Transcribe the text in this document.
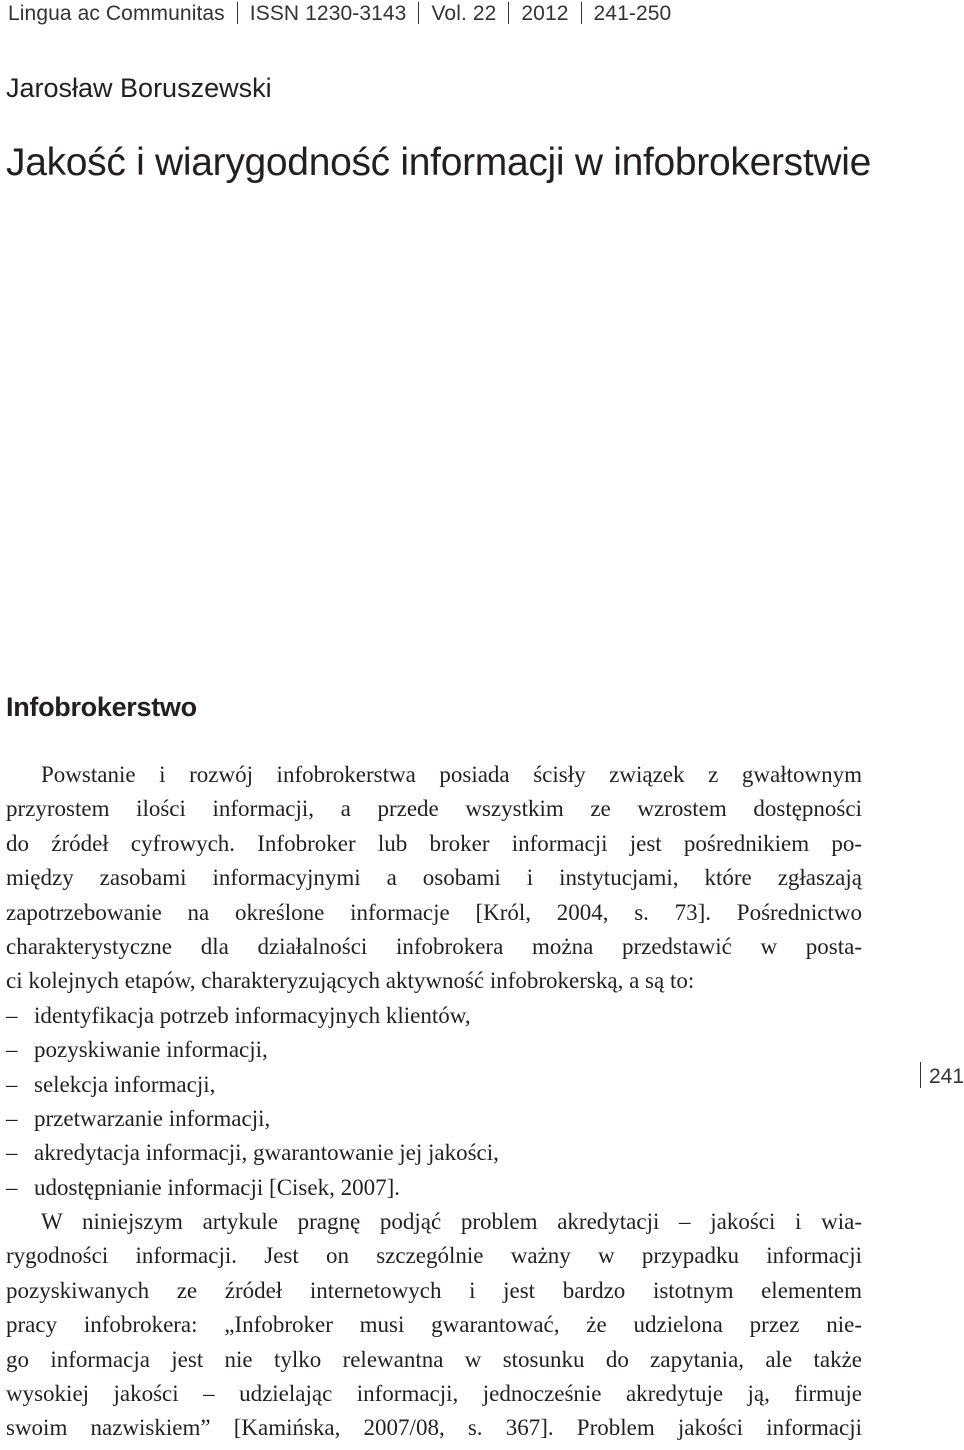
Lingua ac Communitas ISSN 1230-3143 Vol. 22 2012 241-250
Jarosław Boruszewski
Jakość i wiarygodność informacji w infobrokerstwie
Infobrokerstwo
Powstanie i rozwój infobrokerstwa posiada ścisły związek z gwałtownym
przyrostem ilości informacji, a przede wszystkim ze wzrostem dostępności
do źródeł cyfrowych. Infobroker lub broker informacji jest pośrednikiem po-
między zasobami informacyjnymi a osobami i instytucjami, które zgłaszają
zapotrzebowanie na określone informacje [Król, 2004, s. 73]. Pośrednictwo
charakterystyczne dla działalności infobrokera można przedstawić w posta-
ci kolejnych etapów, charakteryzujących aktywność infobrokerską, a są to:
– identyfikacja potrzeb informacyjnych klientów,
– pozyskiwanie informacji,
– selekcja informacji,
– przetwarzanie informacji,
– akredytacja informacji, gwarantowanie jej jakości,
– udostępnianie informacji [Cisek, 2007].
W niniejszym artykule pragnę podjąć problem akredytacji – jakości i wia-
rygodności informacji. Jest on szczególnie ważny w przypadku informacji
pozyskiwanych ze źródeł internetowych i jest bardzo istotnym elementem
pracy infobrokera: „Infobroker musi gwarantować, że udzielona przez nie-
go informacja jest nie tylko relewantna w stosunku do zapytania, ale także
wysokiej jakości – udzielając informacji, jednocześnie akredytuje ją, firmuje
swoim nazwiskiem” [Kamińska, 2007/08, s. 367]. Problem jakości informacji
241
